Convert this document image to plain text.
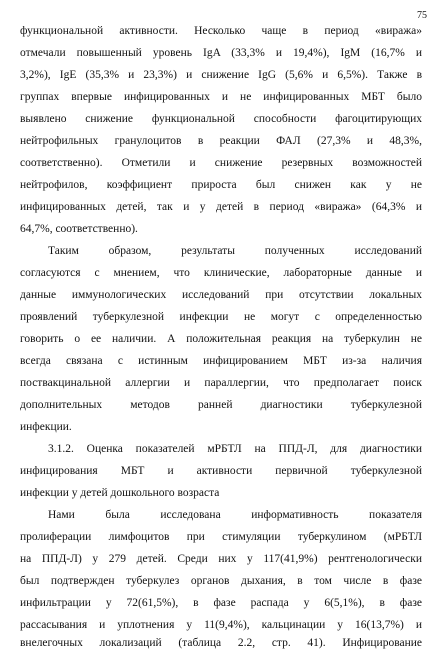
75
функциональной активности. Несколько чаще в период «виража»
отмечали повышенный уровень IgA (33,3% и 19,4%), IgM (16,7% и
3,2%), IgE (35,3% и 23,3%) и снижение IgG (5,6% и 6,5%). Также в
группах впервые инфицированных и не инфицированных МБТ было
выявлено снижение функциональной способности фагоцитирующих
нейтрофильных гранулоцитов в реакции ФАЛ (27,3% и 48,3%,
соответственно). Отметили и снижение резервных возможностей
нейтрофилов, коэффициент прироста был снижен как у не
инфицированных детей, так и у детей в период «виража» (64,3% и
64,7%, соответственно).
Таким образом, результаты полученных исследований
согласуются с мнением, что клинические, лабораторные данные и
данные иммунологических исследований при отсутствии локальных
проявлений туберкулезной инфекции не могут с определенностью
говорить о ее наличии. А положительная реакция на туберкулин не
всегда связана с истинным инфицированием МБТ из-за наличия
поствакцинальной аллергии и параллергии, что предполагает поиск
дополнительных методов ранней диагностики туберкулезной
инфекции.
3.1.2. Оценка показателей мРБТЛ на ППД-Л, для диагностики
инфицирования МБТ и активности первичной туберкулезной
инфекции у детей дошкольного возраста
Нами была исследована информативность показателя
пролиферации лимфоцитов при стимуляции туберкулином (мРБТЛ
на ППД-Л) у 279 детей. Среди них у 117(41,9%) рентгенологически
был подтвержден туберкулез органов дыхания, в том числе в фазе
инфильтрации у 72(61,5%), в фазе распада у 6(5,1%), в фазе
рассасывания и уплотнения у 11(9,4%), кальцинации у 16(13,7%) и
внелегочных локализаций (таблица 2.2, стр. 41). Инфицирование
